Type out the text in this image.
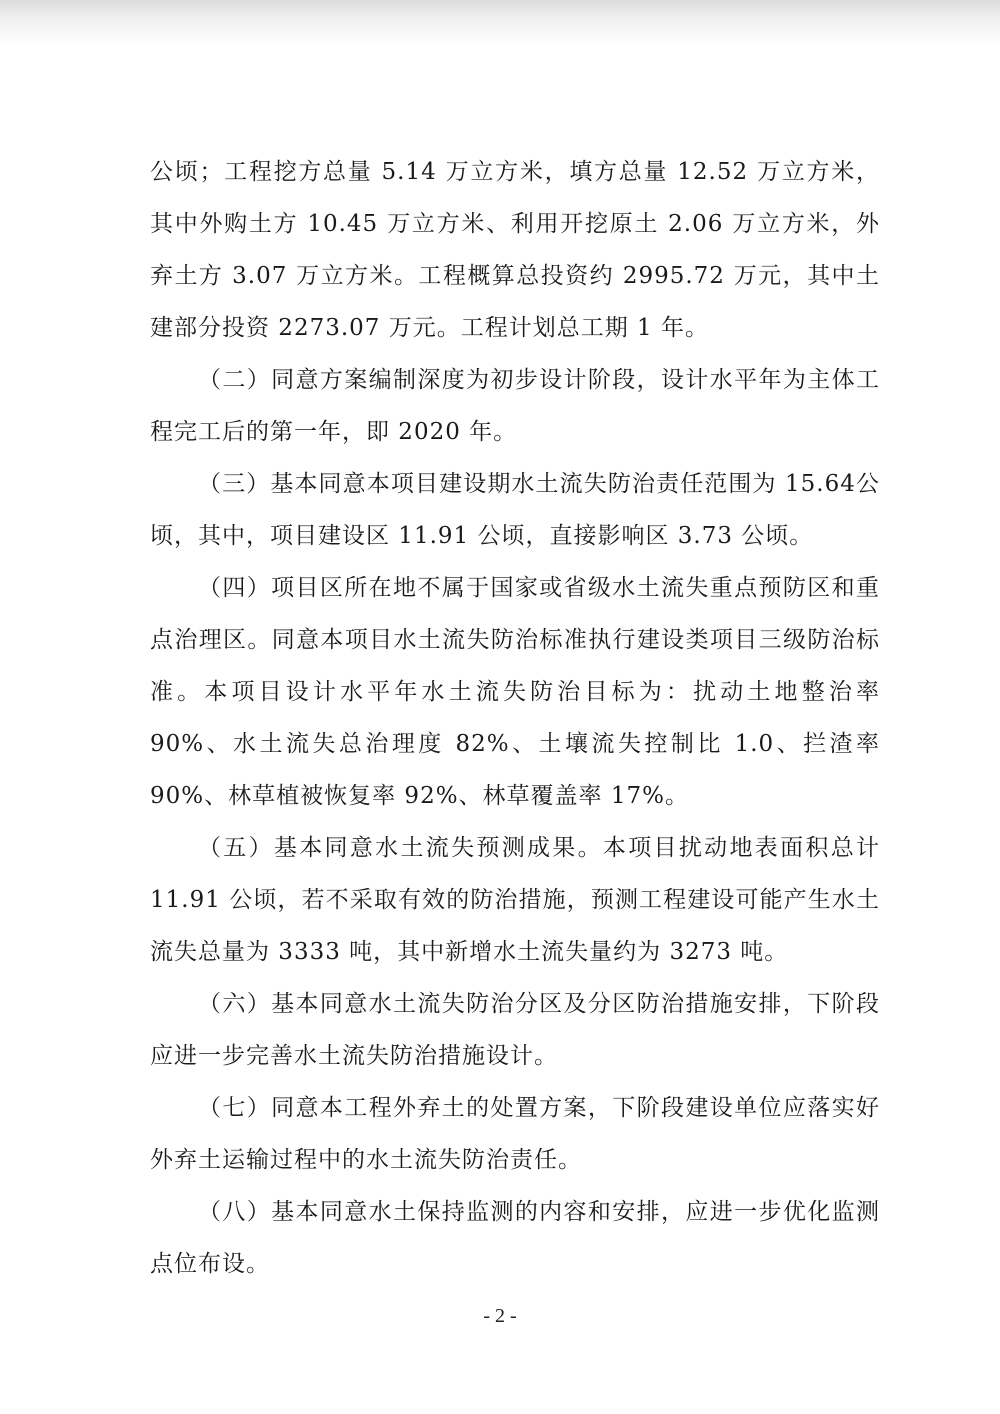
公顷；工程挖方总量 5.14 万立方米，填方总量 12.52 万立方米，其中外购土方 10.45 万立方米、利用开挖原土 2.06 万立方米，外弃土方 3.07 万立方米。工程概算总投资约 2995.72 万元，其中土建部分投资 2273.07 万元。工程计划总工期 1 年。

（二）同意方案编制深度为初步设计阶段，设计水平年为主体工程完工后的第一年，即 2020 年。

（三）基本同意本项目建设期水土流失防治责任范围为 15.64公顷，其中，项目建设区 11.91 公顷，直接影响区 3.73 公顷。

（四）项目区所在地不属于国家或省级水土流失重点预防区和重点治理区。同意本项目水土流失防治标准执行建设类项目三级防治标准。本项目设计水平年水土流失防治目标为：扰动土地整治率 90%、水土流失总治理度 82%、土壤流失控制比 1.0、拦渣率 90%、林草植被恢复率 92%、林草覆盖率 17%。

（五）基本同意水土流失预测成果。本项目扰动地表面积总计 11.91 公顷，若不采取有效的防治措施，预测工程建设可能产生水土流失总量为 3333 吨，其中新增水土流失量约为 3273 吨。

（六）基本同意水土流失防治分区及分区防治措施安排，下阶段应进一步完善水土流失防治措施设计。

（七）同意本工程外弃土的处置方案，下阶段建设单位应落实好外弃土运输过程中的水土流失防治责任。

（八）基本同意水土保持监测的内容和安排，应进一步优化监测点位布设。

- 2 -
